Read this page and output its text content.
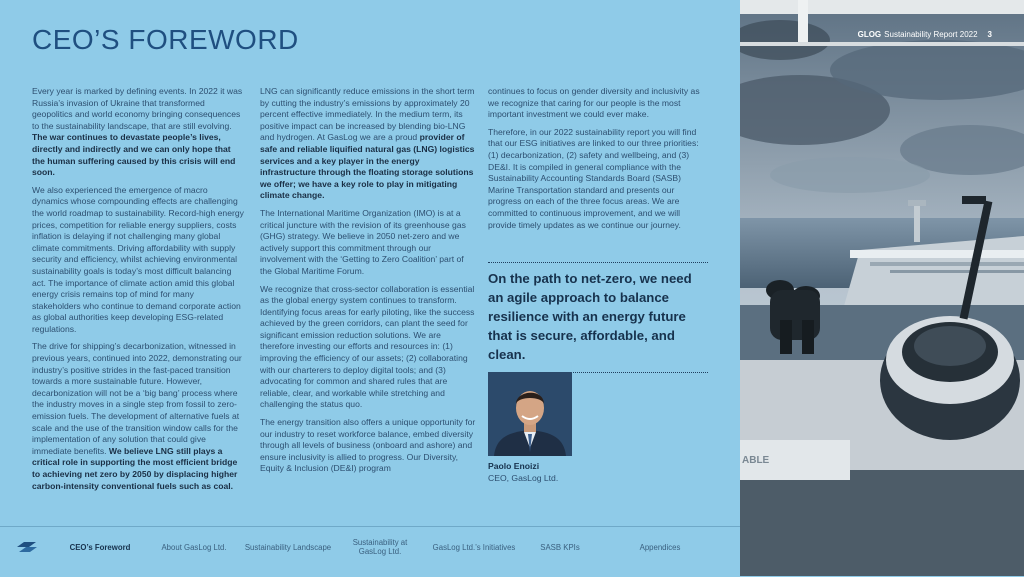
CEO’S FOREWORD

Every year is marked by defining events. In 2022 it was Russia’s invasion of Ukraine that transformed geopolitics and world economy bringing consequences to the sustainability landscape, that are still evolving. The war continues to devastate people’s lives, directly and indirectly and we can only hope that the human suffering caused by this crisis will end soon.

We also experienced the emergence of macro dynamics whose compounding effects are challenging the world roadmap to sustainability. Record-high energy prices, competition for reliable energy suppliers, costs inflation is delaying if not challenging many global climate commitments. Driving affordability with supply security and efficiency, whilst achieving environmental sustainability goals is today’s most difficult balancing act. The importance of climate action amid this global energy crisis remains top of mind for many stakeholders who continue to demand corporate action as global authorities keep developing ESG-related regulations.

The drive for shipping’s decarbonization, witnessed in previous years, continued into 2022, demonstrating our industry’s positive strides in the fast-paced transition towards a more sustainable future. However, decarbonization will not be a ‘big bang’ process where the industry moves in a single step from fossil to zero-emission fuels. The development of alternative fuels at scale and the use of the transition window calls for the implementation of any solution that could give immediate benefits. We believe LNG still plays a critical role in supporting the most efficient bridge to achieving net zero by 2050 by displacing higher carbon-intensity conventional fuels such as coal.

LNG can significantly reduce emissions in the short term by cutting the industry’s emissions by approximately 20 percent effective immediately. In the medium term, its positive impact can be increased by blending bio-LNG and hydrogen. At GasLog we are a proud provider of safe and reliable liquified natural gas (LNG) logistics services and a key player in the energy infrastructure through the floating storage solutions we offer; we have a key role to play in mitigating climate change.

The International Maritime Organization (IMO) is at a critical juncture with the revision of its greenhouse gas (GHG) strategy. We believe in 2050 net-zero and we actively support this commitment through our involvement with the ‘Getting to Zero Coalition’ part of the Global Maritime Forum.

We recognize that cross-sector collaboration is essential as the global energy system continues to transform. Identifying focus areas for early piloting, like the success achieved by the green corridors, can plant the seed for significant emission reduction solutions. We are therefore investing our efforts and resources in: (1) improving the efficiency of our assets; (2) collaborating with our charterers to deploy digital tools; and (3) advocating for common and shared rules that are reliable, clear, and workable while stretching and challenging the status quo.

The energy transition also offers a unique opportunity for our industry to reset workforce balance, embed diversity through all levels of business (onboard and ashore) and ensure inclusivity is allied to progress. Our Diversity, Equity & Inclusion (DE&I) program

continues to focus on gender diversity and inclusivity as we recognize that caring for our people is the most important investment we could ever make.

Therefore, in our 2022 sustainability report you will find that our ESG initiatives are linked to our three priorities: (1) decarbonization, (2) safety and wellbeing, and (3) DE&I. It is compiled in general compliance with the Sustainability Accounting Standards Board (SASB) Marine Transportation standard and presents our progress on each of the three focus areas. We are committed to continuous improvement, and we will provide timely updates as we continue our journey.

On the path to net-zero, we need an agile approach to balance resilience with an energy future that is secure, affordable, and clean.
Paolo Enoizi
CEO, GasLog Ltd.
CEO’s Foreword	About GasLog Ltd.	Sustainability Landscape	Sustainability at GasLog Ltd.	GasLog Ltd.’s Initiatives	SASB KPIs	Appendices
ABLE
GLOG Sustainability Report 2022 3
